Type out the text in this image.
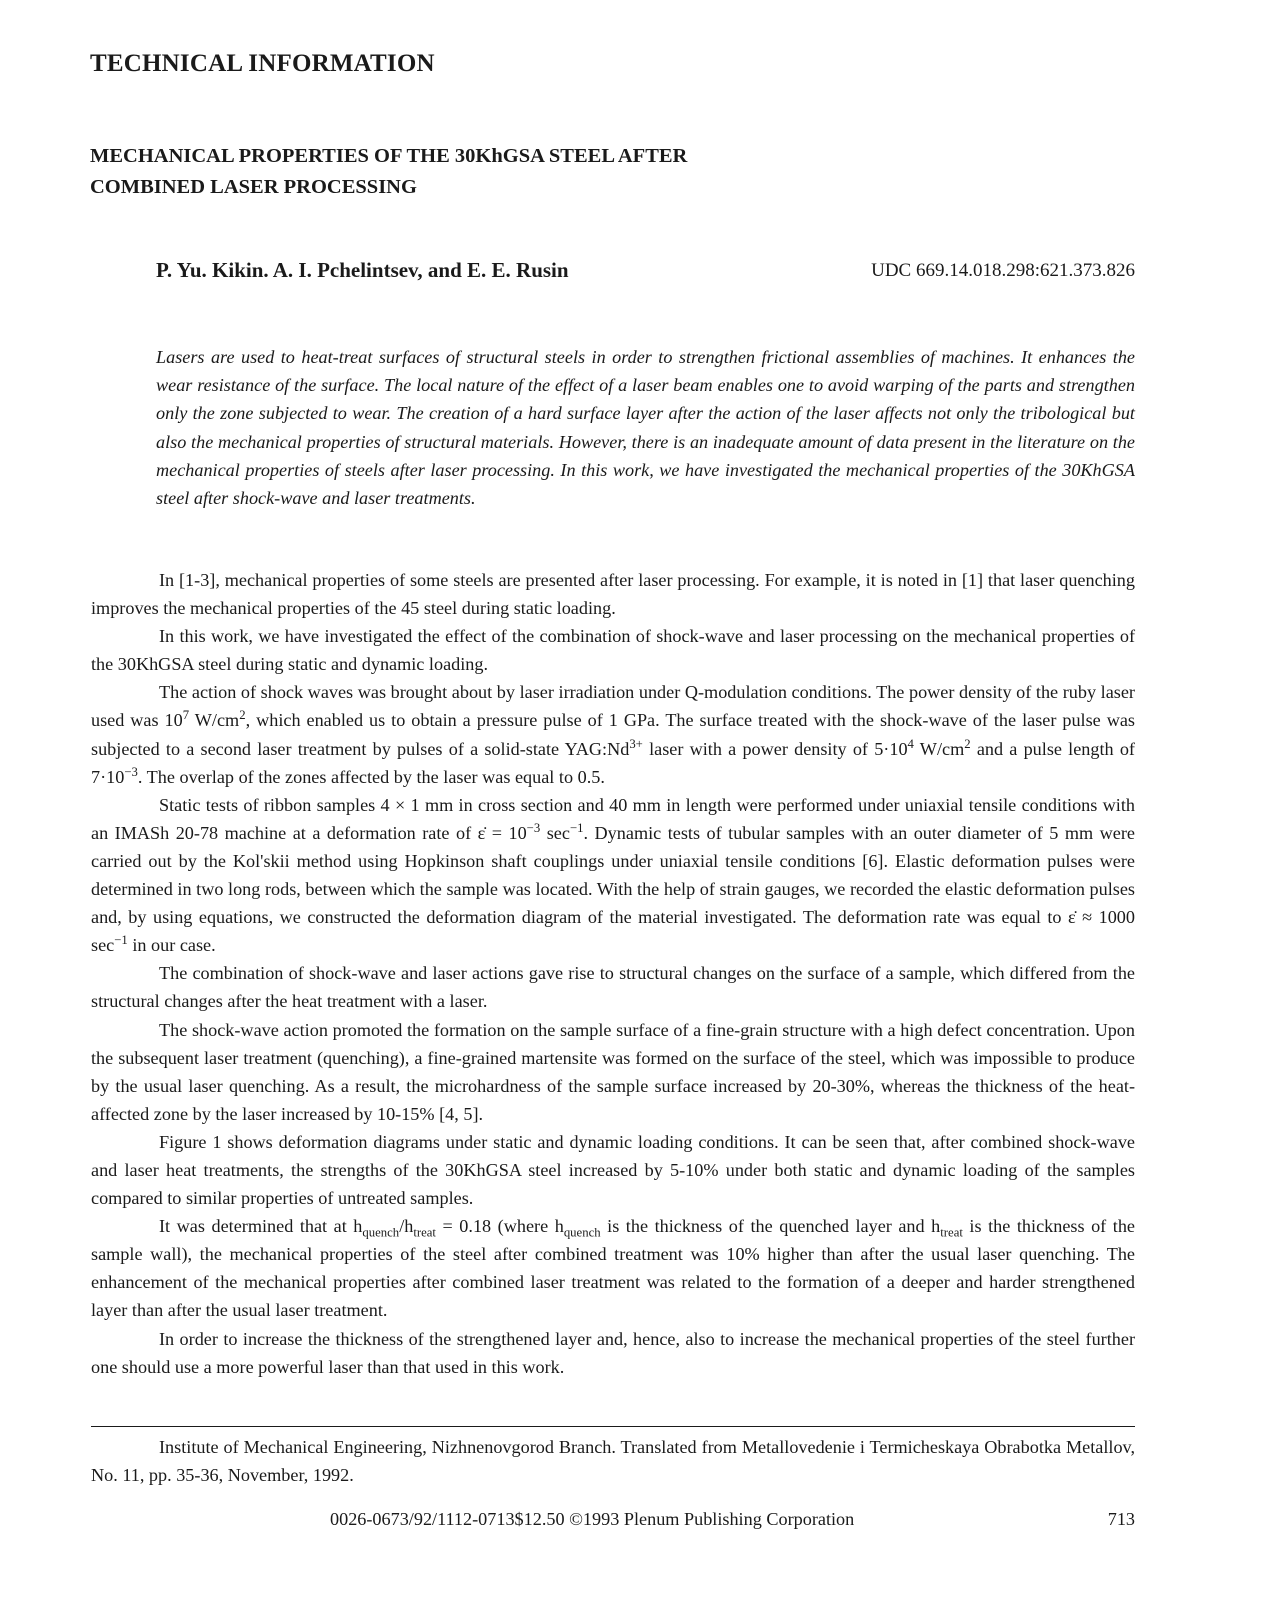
TECHNICAL INFORMATION
MECHANICAL PROPERTIES OF THE 30KhGSA STEEL AFTER
COMBINED LASER PROCESSING

P. Yu. Kikin. A. I. Pchelintsev, and E. E. Rusin	UDC 669.14.018.298:621.373.826

Lasers are used to heat-treat surfaces of structural steels in order to strengthen frictional assemblies of machines. It enhances the wear resistance of the surface. The local nature of the effect of a laser beam enables one to avoid warping of the parts and strengthen only the zone subjected to wear. The creation of a hard surface layer after the action of the laser affects not only the tribological but also the mechanical properties of structural materials. However, there is an inadequate amount of data present in the literature on the mechanical properties of steels after laser processing. In this work, we have investigated the mechanical properties of the 30KhGSA steel after shock-wave and laser treatments.

In [1-3], mechanical properties of some steels are presented after laser processing. For example, it is noted in [1] that laser quenching improves the mechanical properties of the 45 steel during static loading.

In this work, we have investigated the effect of the combination of shock-wave and laser processing on the mechanical properties of the 30KhGSA steel during static and dynamic loading.

The action of shock waves was brought about by laser irradiation under Q-modulation conditions. The power density of the ruby laser used was $10^7$ $W/cm^2$, which enabled us to obtain a pressure pulse of 1 GPa. The surface treated with the shock-wave of the laser pulse was subjected to a second laser treatment by pulses of a solid-state $YAG:Nd^{3+}$ laser with a power density of $5\cdot 10^4$ $W/cm^2$ and a pulse length of $7\cdot 10^{-3}$. The overlap of the zones affected by the laser was equal to 0.5.

Static tests of ribbon samples 4 × 1 mm in cross section and 40 mm in length were performed under uniaxial tensile conditions with an IMASh 20-78 machine at a deformation rate of ε̇ = $10^{-3}$ $\sec^{-1}$. Dynamic tests of tubular samples with an outer diameter of 5 mm were carried out by the Kol'skii method using Hopkinson shaft couplings under uniaxial tensile conditions [6]. Elastic deformation pulses were determined in two long rods, between which the sample was located. With the help of strain gauges, we recorded the elastic deformation pulses and, by using equations, we constructed the deformation diagram of the material investigated. The deformation rate was equal to ε̇ ≈ 1000 $\sec^{-1}$ in our case.

The combination of shock-wave and laser actions gave rise to structural changes on the surface of a sample, which differed from the structural changes after the heat treatment with a laser.

The shock-wave action promoted the formation on the sample surface of a fine-grain structure with a high defect concentration. Upon the subsequent laser treatment (quenching), a fine-grained martensite was formed on the surface of the steel, which was impossible to produce by the usual laser quenching. As a result, the microhardness of the sample surface increased by 20-30%, whereas the thickness of the heat-affected zone by the laser increased by 10-15% [4, 5].

Figure 1 shows deformation diagrams under static and dynamic loading conditions. It can be seen that, after combined shock-wave and laser heat treatments, the strengths of the 30KhGSA steel increased by 5-10% under both static and dynamic loading of the samples compared to similar properties of untreated samples.

It was determined that at $h_{quench}/h_{treat} = 0.18$ (where $h_{quench}$ is the thickness of the quenched layer and $h_{treat}$ is the thickness of the sample wall), the mechanical properties of the steel after combined treatment was 10% higher than after the usual laser quenching. The enhancement of the mechanical properties after combined laser treatment was related to the formation of a deeper and harder strengthened layer than after the usual laser treatment.

In order to increase the thickness of the strengthened layer and, hence, also to increase the mechanical properties of the steel further one should use a more powerful laser than that used in this work.

Institute of Mechanical Engineering, Nizhnenovgorod Branch. Translated from Metallovedenie i Termicheskaya Obrabotka Metallov, No. 11, pp. 35-36, November, 1992.

0026-0673/92/1112-0713$12.50 ©1993 Plenum Publishing Corporation	713
